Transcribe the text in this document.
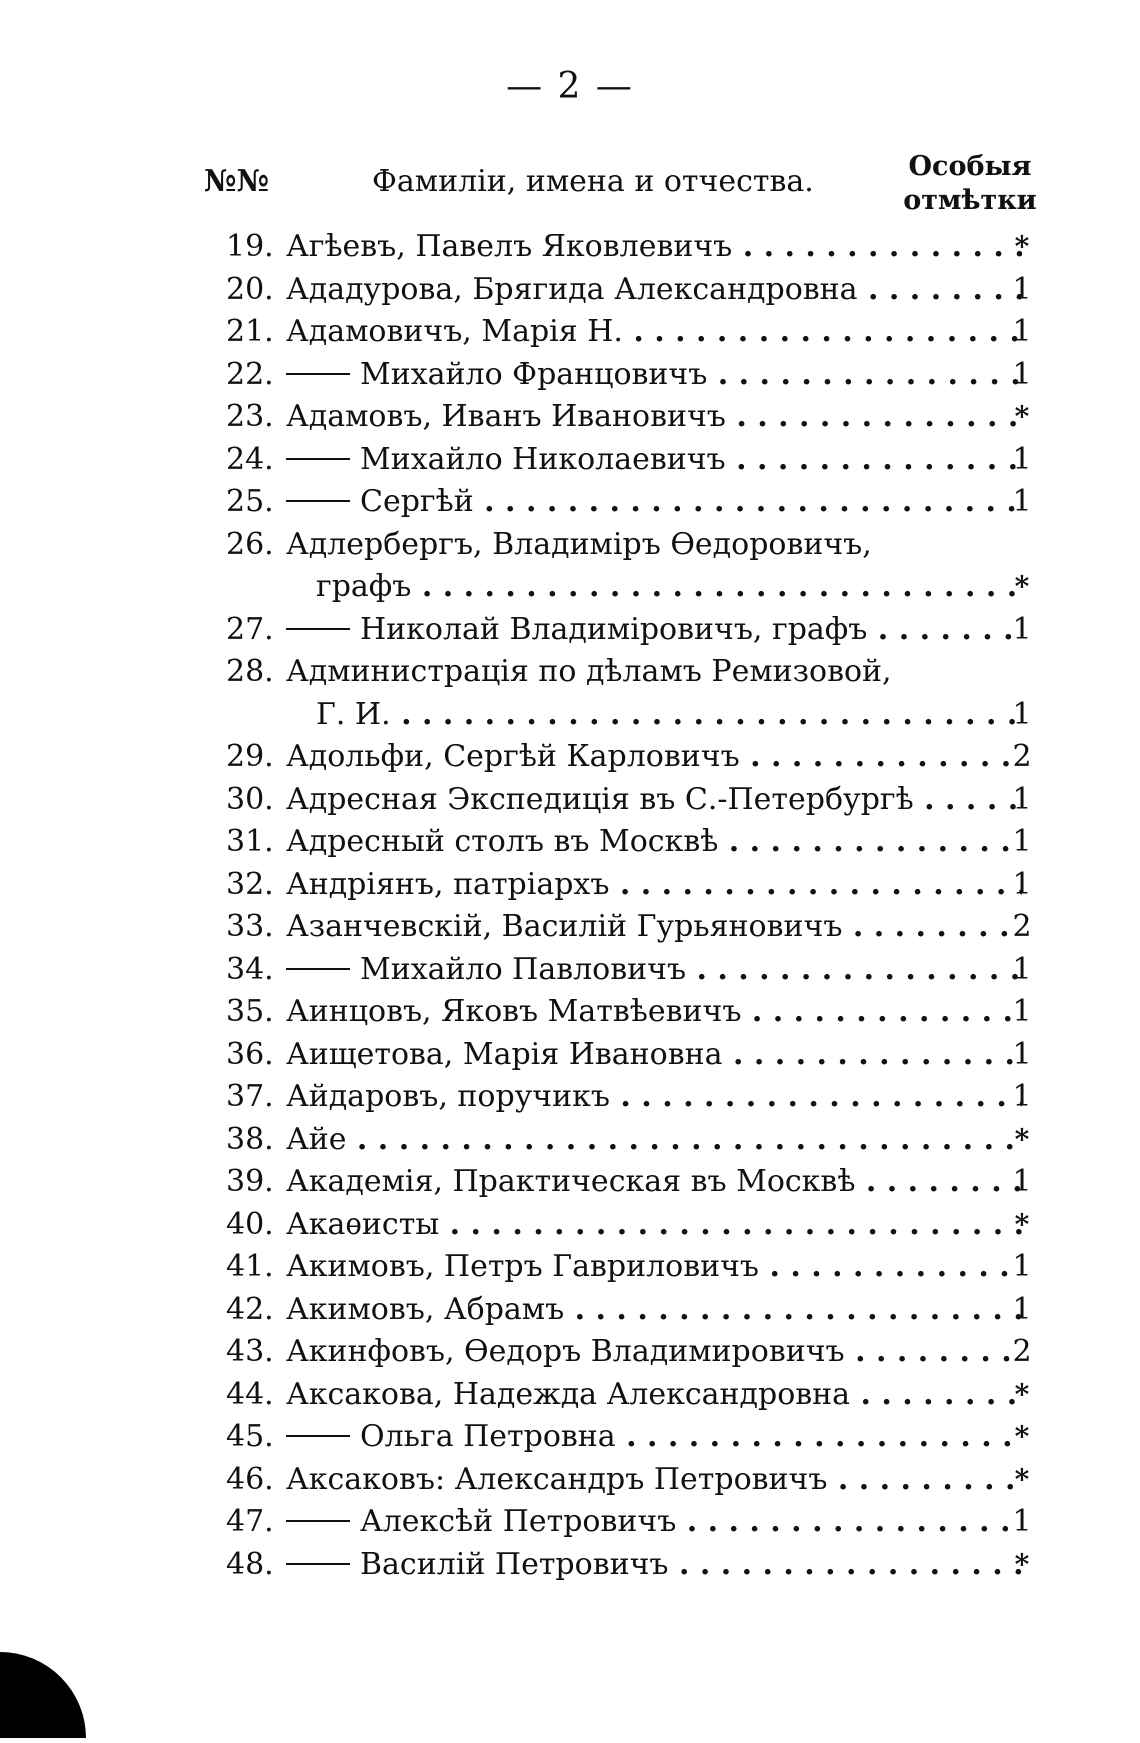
— 2 —
№№	Фамиліи, имена и отчества.	Особыя
отмѣтки
19. Агѣевъ, Павелъ Яковлевичъ . . .	*
20. Ададурова, Брягида Александровна . . .	1
21. Адамовичъ, Марія Н. . . .	1
22.	Михайло Францовичъ . . .	1
23. Адамовъ, Иванъ Ивановичъ . . .	*
24.	Михайло Николаевичъ . . .	1
25.	Сергѣй . . .	1
26. Адлербергъ, Владиміръ Ѳедоровичъ,
графъ . . .	*
27.	Николай Владиміровичъ, графъ . . .	1
28. Администрація по дѣламъ Ремизовой,
Г. И. . . .	1
29. Адольфи, Сергѣй Карловичъ . . .	2
30. Адресная Экспедиція въ С.-Петербургѣ . . .	1
31. Адресный столъ въ Москвѣ . . .	1
32. Андріянъ, патріархъ . . .	1
33. Азанчевскій, Василій Гурьяновичъ . . .	2
34.	Михайло Павловичъ . . .	1
35. Аинцовъ, Яковъ Матвѣевичъ . . .	1
36. Аищетова, Марія Ивановна . . .	1
37. Айдаровъ, поручикъ . . .	1
38. Айе . . .	*
39. Академія, Практическая въ Москвѣ . . .	1
40. Акаѳисты . . .	*
41. Акимовъ, Петръ Гавриловичъ . . .	1
42. Акимовъ, Абрамъ . . .	1
43. Акинфовъ, Ѳедоръ Владимировичъ . . .	2
44. Аксакова, Надежда Александровна . . .	*
45.	Ольга Петровна . . .	*
46. Аксаковъ: Александръ Петровичъ . . .	*
47.	Алексѣй Петровичъ . . .	1
48.	Василій Петровичъ . . .	*
